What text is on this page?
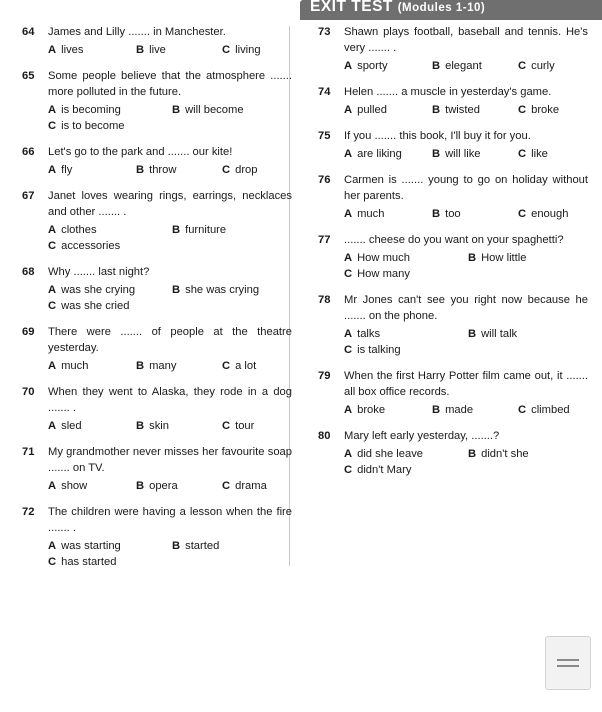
EXIT TEST (Modules 1-10)
64	James and Lilly ....... in Manchester.
A lives	B live	C living
65	Some people believe that the atmosphere ....... more polluted in the future.
A is becoming	B will become
C is to become
66	Let's go to the park and ....... our kite!
A fly	B throw	C drop
67	Janet loves wearing rings, earrings, necklaces and other ....... .
A clothes	B furniture
C accessories
68	Why ....... last night?
A was she crying	B she was crying
C was she cried
69	There were ....... of people at the theatre yesterday.
A much	B many	C a lot
70	When they went to Alaska, they rode in a dog ....... .
A sled	B skin	C tour
71	My grandmother never misses her favourite soap ....... on TV.
A show	B opera	C drama
72	The children were having a lesson when the fire ....... .
A was starting	B started
C has started
73	Shawn plays football, baseball and tennis. He's very ....... .
A sporty	B elegant	C curly
74	Helen ....... a muscle in yesterday's game.
A pulled	B twisted	C broke
75	If you ....... this book, I'll buy it for you.
A are liking	B will like	C like
76	Carmen is ....... young to go on holiday without her parents.
A much	B too	C enough
77	....... cheese do you want on your spaghetti?
A How much	B How little
C How many
78	Mr Jones can't see you right now because he ....... on the phone.
A talks	B will talk
C is talking
79	When the first Harry Potter film came out, it ....... all box office records.
A broke	B made	C climbed
80	Mary left early yesterday, .......?
A did she leave	B didn't she
C didn't Mary
